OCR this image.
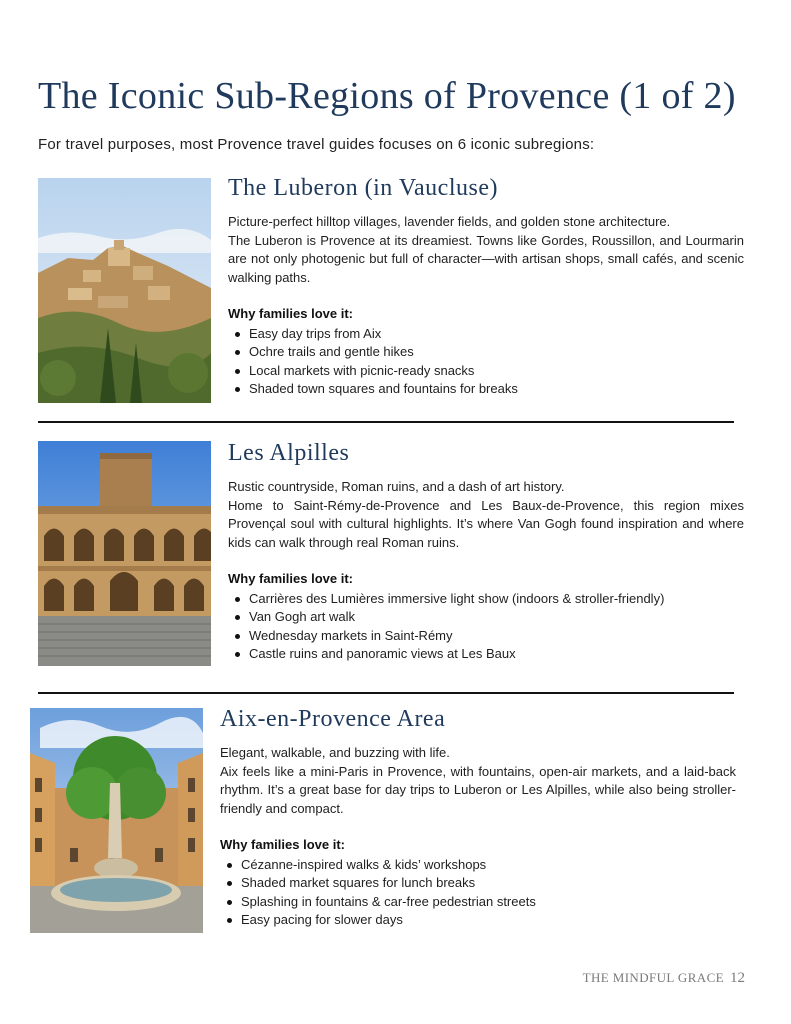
The Iconic Sub-Regions of Provence (1 of 2)

For travel purposes, most Provence travel guides focuses on 6 iconic subregions:

The Luberon (in Vaucluse)

Picture-perfect hilltop villages, lavender fields, and golden stone architecture.

The Luberon is Provence at its dreamiest. Towns like Gordes, Roussillon, and Lourmarin are not only photogenic but full of character—with artisan shops, small cafés, and scenic walking paths.

Why families love it:

Easy day trips from Aix
Ochre trails and gentle hikes
Local markets with picnic-ready snacks
Shaded town squares and fountains for breaks
Les Alpilles

Rustic countryside, Roman ruins, and a dash of art history.

Home to Saint-Rémy-de-Provence and Les Baux-de-Provence, this region mixes Provençal soul with cultural highlights. It’s where Van Gogh found inspiration and where kids can walk through real Roman ruins.

Why families love it:

Carrières des Lumières immersive light show (indoors & stroller-friendly)
Van Gogh art walk
Wednesday markets in Saint-Rémy
Castle ruins and panoramic views at Les Baux
Aix-en-Provence Area

Elegant, walkable, and buzzing with life.

Aix feels like a mini-Paris in Provence, with fountains, open-air markets, and a laid-back rhythm. It’s a great base for day trips to Luberon or Les Alpilles, while also being stroller-friendly and compact.

Why families love it:

Cézanne-inspired walks & kids’ workshops
Shaded market squares for lunch breaks
Splashing in fountains & car-free pedestrian streets
Easy pacing for slower days
THE MINDFUL GRACE 12
